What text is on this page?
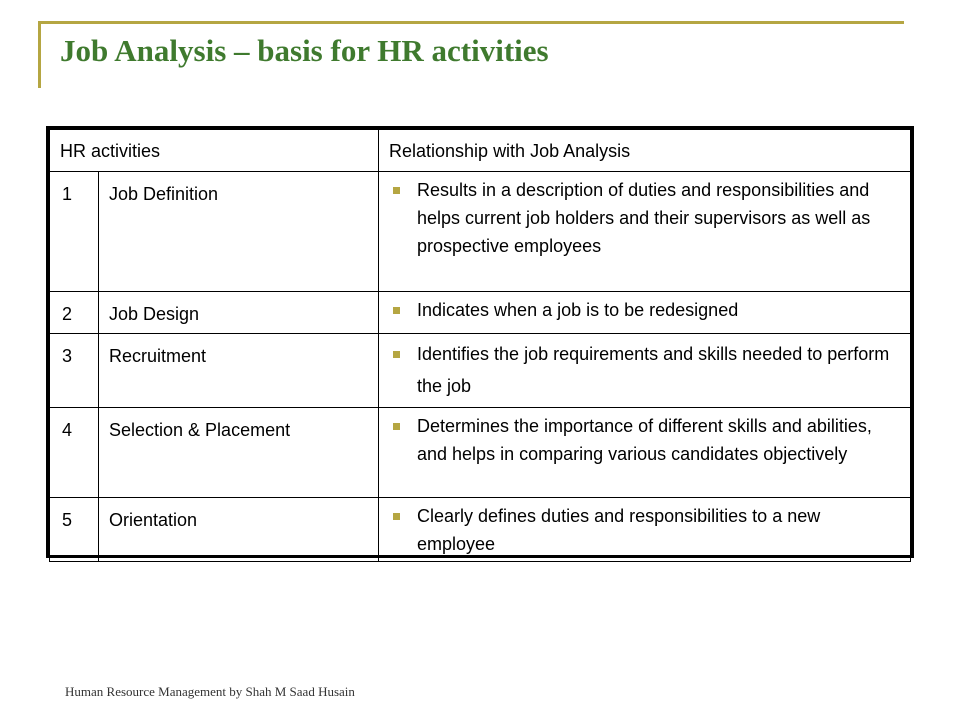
Job Analysis – basis for HR activities
HR activities		Relationship with Job Analysis
1	Job Definition	Results in a description of duties and responsibilities and helps current job holders and their supervisors as well as prospective employees

2	Job Design	Indicates when a job is to be redesigned

3	Recruitment	Identifies the job requirements and skills needed to perform the job

4	Selection & Placement	Determines the importance of different skills and abilities, and helps in comparing various candidates objectively

5	Orientation	Clearly defines duties and responsibilities to a new employee
Human Resource Management by Shah M Saad Husain
